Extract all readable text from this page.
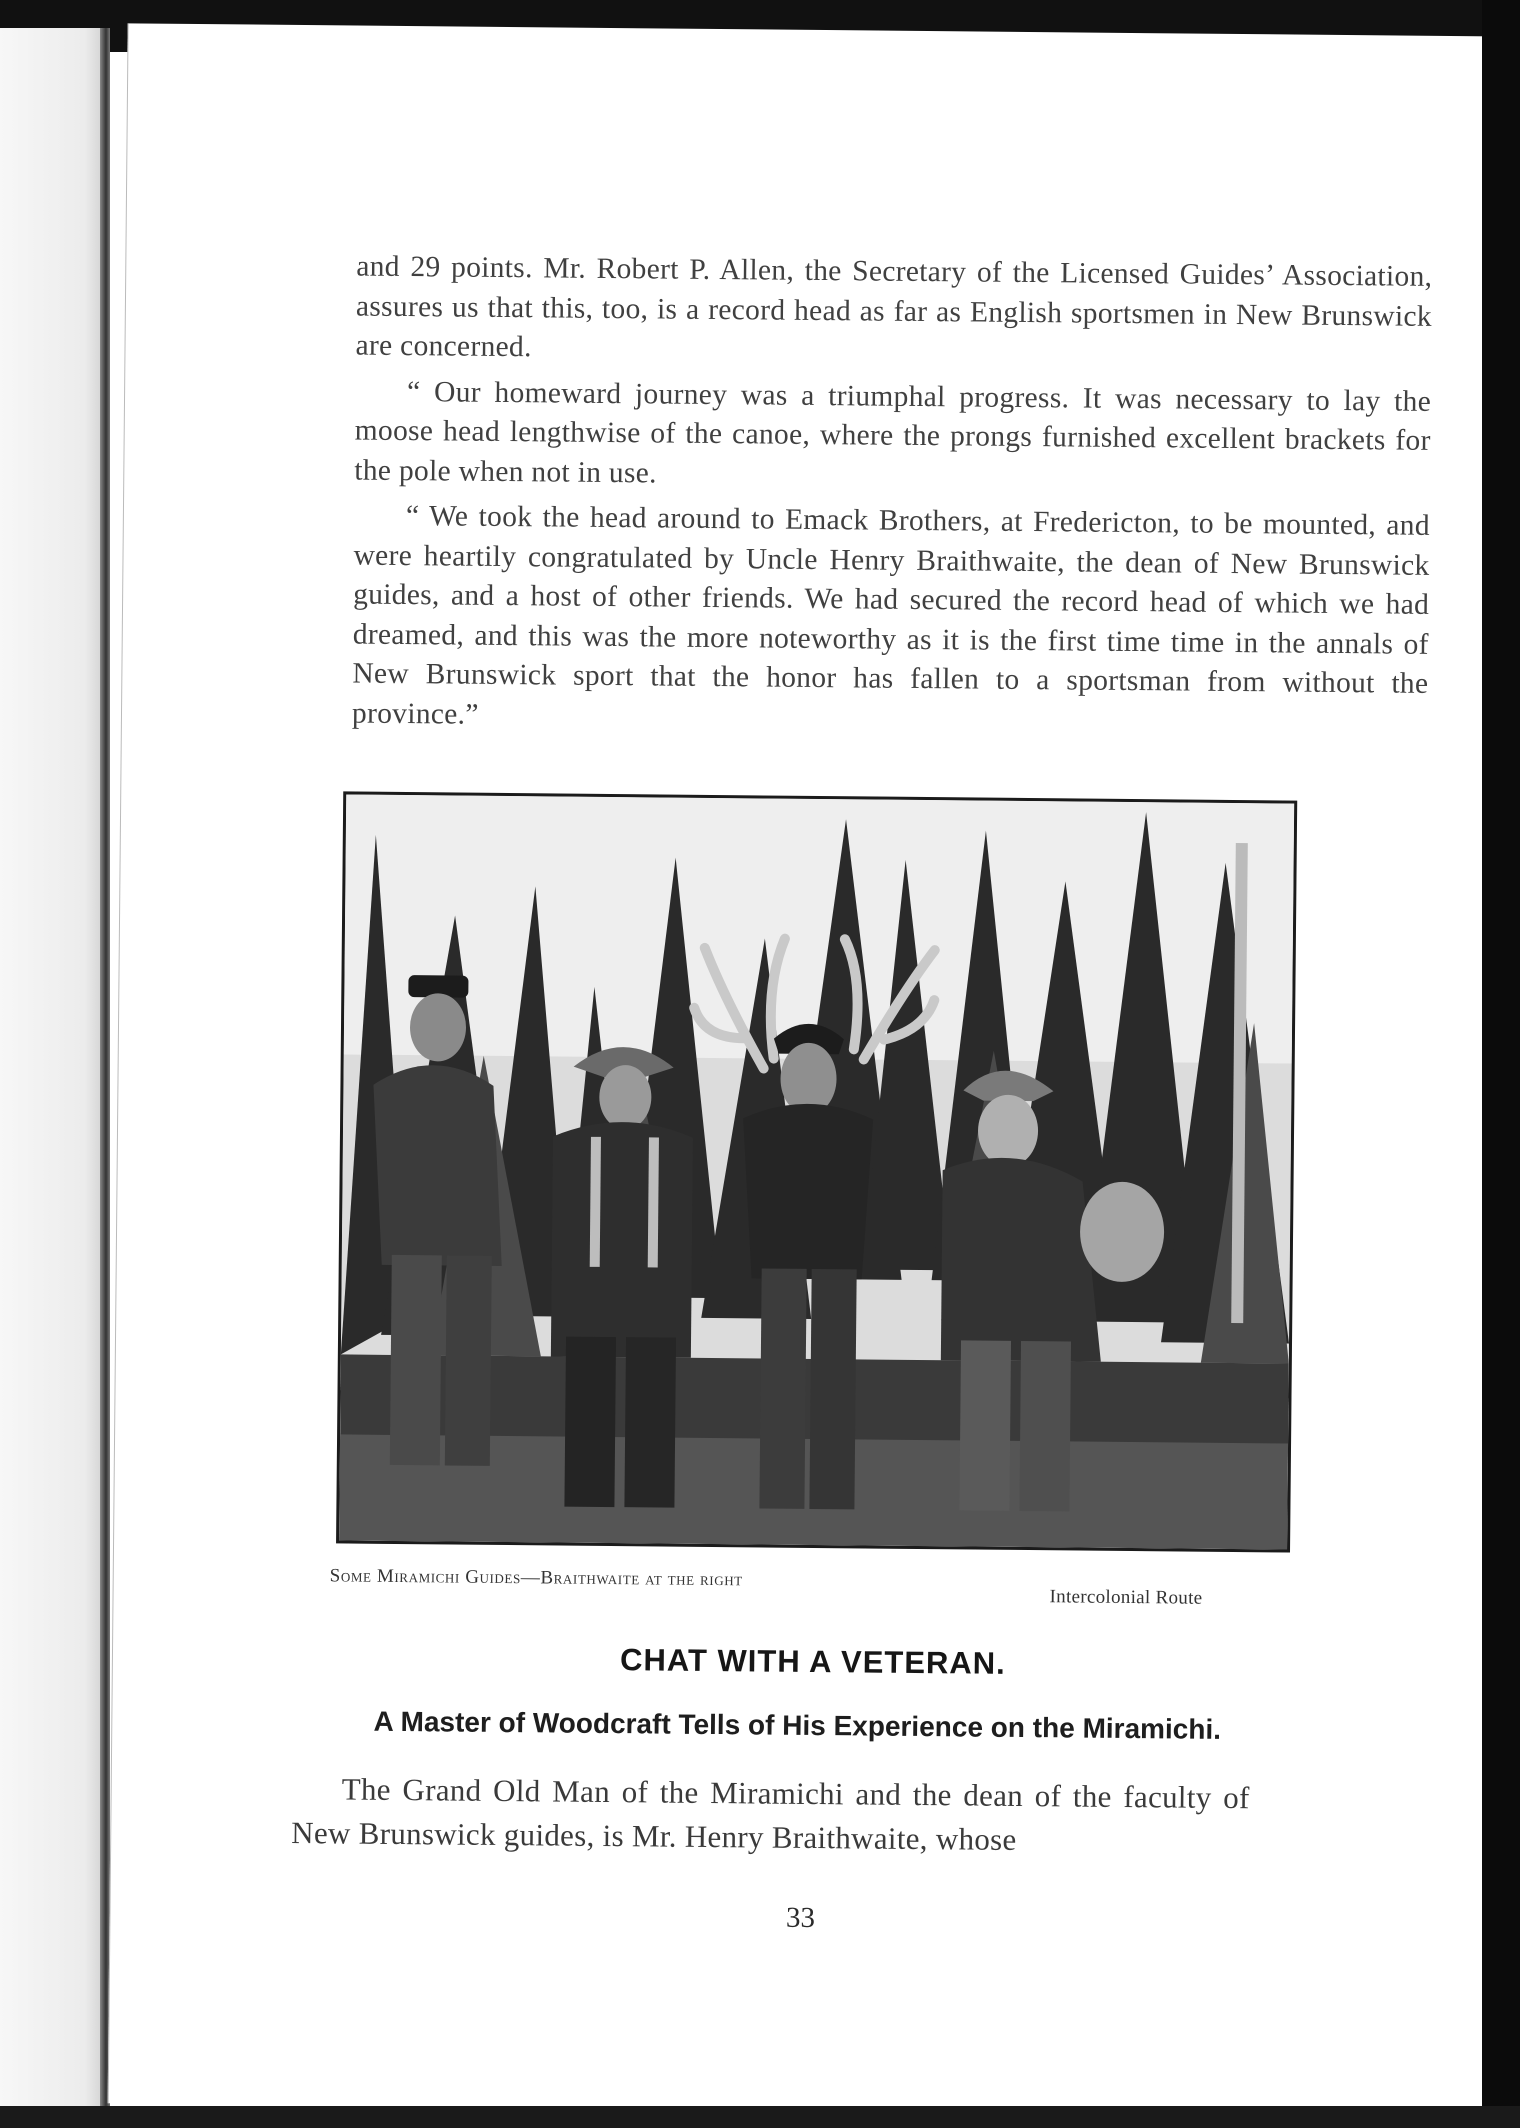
and 29 points. Mr. Robert P. Allen, the Secretary of the Licensed Guides’ Association, assures us that this, too, is a record head as far as English sportsmen in New Brunswick are concerned.

“ Our homeward journey was a triumphal progress. It was necessary to lay the moose head lengthwise of the canoe, where the prongs furnished excellent brackets for the pole when not in use.

“ We took the head around to Emack Brothers, at Fredericton, to be mounted, and were heartily congratulated by Uncle Henry Braithwaite, the dean of New Brunswick guides, and a host of other friends. We had secured the record head of which we had dreamed, and this was the more noteworthy as it is the first time time in the annals of New Brunswick sport that the honor has fallen to a sportsman from without the province.”

Some Miramichi Guides—Braithwaite at the right
Intercolonial Route
CHAT WITH A VETERAN.
A Master of Woodcraft Tells of His Experience on the Miramichi.

The Grand Old Man of the Miramichi and the dean of the faculty of New Brunswick guides, is Mr. Henry Braithwaite, whose

33
